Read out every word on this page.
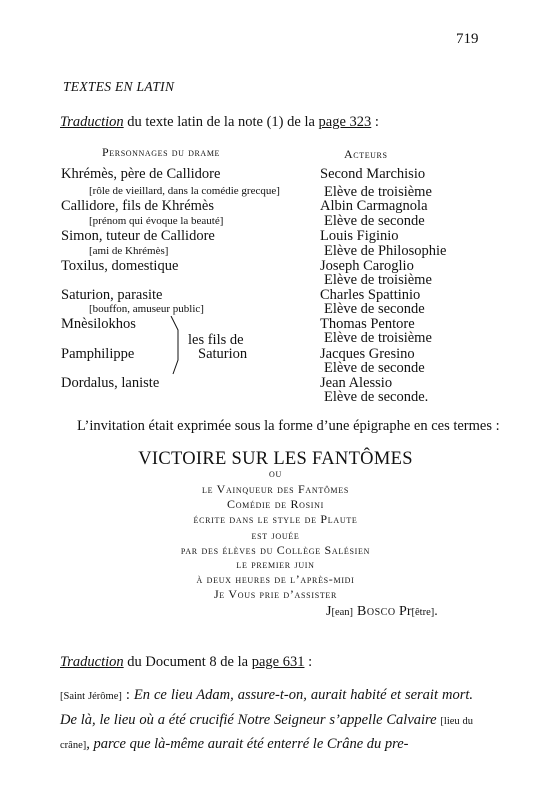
719
TEXTES EN LATIN
Traduction du texte latin de la note (1) de la page 323 :
Personnages du drame	Acteurs
Khrémès, père de Callidore
[rôle de vieillard, dans la comédie grecque]
Callidore, fils de Khrémès
[prénom qui évoque la beauté]
Simon, tuteur de Callidore
[ami de Khrémès]
Toxilus, domestique
Saturion, parasite
[bouffon, amuseur public]
Mnèsilokhos
Pamphilippe
les fils de
Saturion
Dordalus, laniste
Second Marchisio
Elève de troisième
Albin Carmagnola
Elève de seconde
Louis Figinio
Elève de Philosophie
Joseph Caroglio
Elève de troisième
Charles Spattinio
Elève de seconde
Thomas Pentore
Elève de troisième
Jacques Gresino
Elève de seconde
Jean Alessio
Elève de seconde.
L’invitation était exprimée sous la forme d’une épigraphe en ces termes :
VICTOIRE SUR LES FANTÔMES
ou
le Vainqueur des Fantômes
Comédie de Rosini
écrite dans le style de Plaute
est jouée
par des élèves du Collège Salésien
le premier juin
à deux heures de l’après-midi
Je Vous prie d’assister
J[ean] Bosco Pr[être].
Traduction du Document 8 de la page 631 :
[Saint Jérôme] : En ce lieu Adam, assure-t-on, aurait habité et serait mort. De là, le lieu où a été crucifié Notre Seigneur s’appelle Calvaire [lieu du crâne], parce que là-même aurait été enterré le Crâne du pre-
